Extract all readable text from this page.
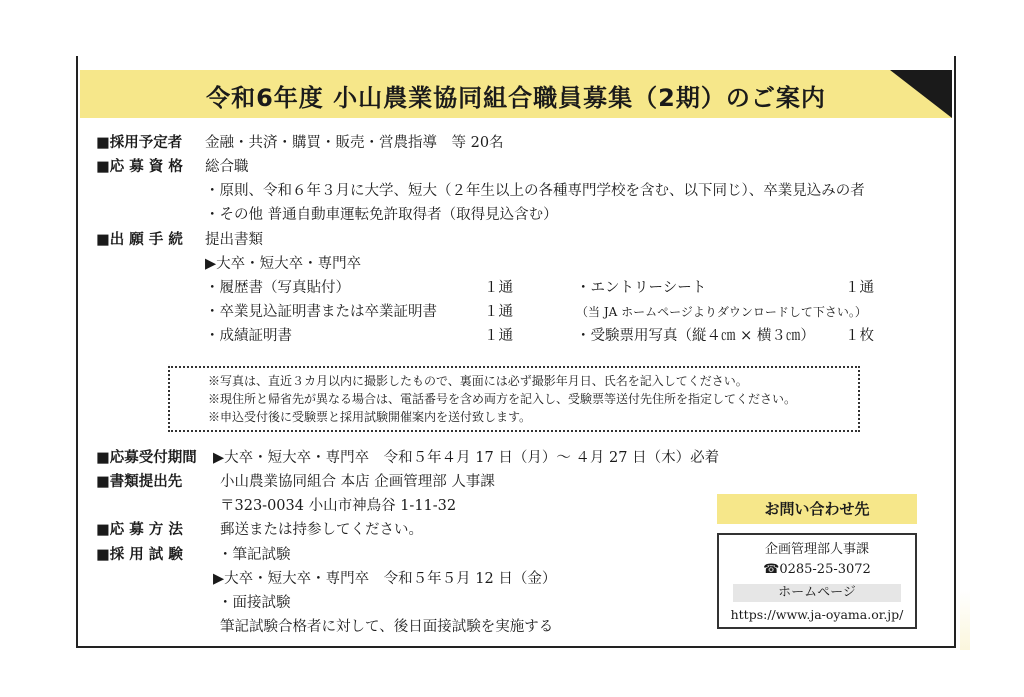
令和6年度 小山農業協同組合職員募集（2期）のご案内
■採用予定者 金融・共済・購買・販売・営農指導　等 20名
■応 募 資 格 総合職
・原則、令和６年３月に大学、短大（２年生以上の各種専門学校を含む、以下同じ）、卒業見込みの者
・その他 普通自動車運転免許取得者（取得見込含む）
■出 願 手 続 提出書類
▶大卒・短大卒・専門卒
・履歴書（写真貼付）	１通
・卒業見込証明書または卒業証明書	１通
・成績証明書	１通
・エントリーシート	１通
（当 JA ホームページよりダウンロードして下さい。）
・受験票用写真（縦４㎝ × 横３㎝） １枚
※写真は、直近３カ月以内に撮影したもので、裏面には必ず撮影年月日、氏名を記入してください。
※現住所と帰省先が異なる場合は、電話番号を含め両方を記入し、受験票等送付先住所を指定してください。
※申込受付後に受験票と採用試験開催案内を送付致します。
■応募受付期間 ▶大卒・短大卒・専門卒　令和５年４月 17 日（月）～ ４月 27 日（木）必着
■書類提出先	小山農業協同組合 本店 企画管理部 人事課
〒323-0034 小山市神鳥谷 1-11-32
■応 募 方 法	郵送または持参してください。
■採 用 試 験 ・筆記試験
▶大卒・短大卒・専門卒　令和５年５月 12 日（金）
・面接試験
筆記試験合格者に対して、後日面接試験を実施する
お問い合わせ先
企画管理部人事課
☎0285-25-3072
ホームページ
https://www.ja-oyama.or.jp/
